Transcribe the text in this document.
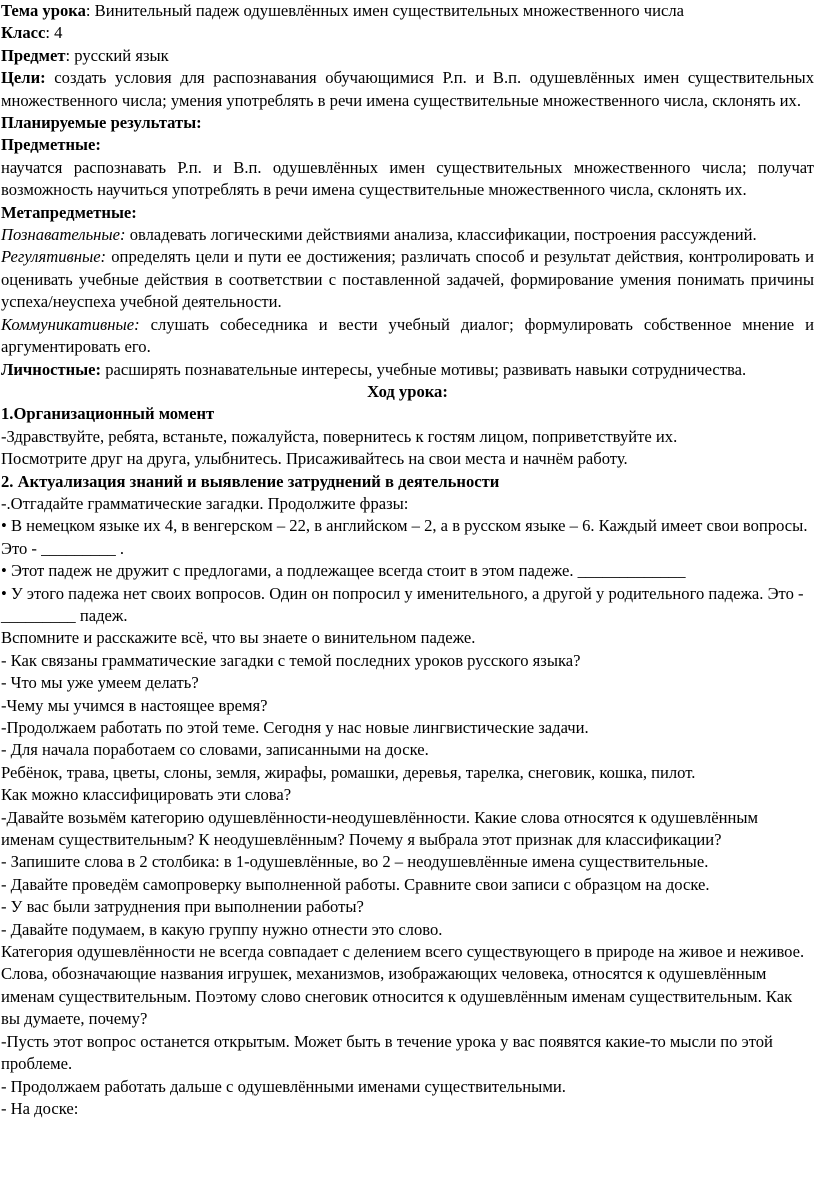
Тема урока: Винительный падеж одушевлённых имен существительных множественного числа

Класс: 4

Предмет: русский язык

Цели: создать условия для распознавания обучающимися Р.п. и В.п. одушевлённых имен существительных множественного числа; умения употреблять в речи имена существительные множественного числа, склонять их.

Планируемые результаты:

Предметные:

научатся распознавать Р.п. и В.п. одушевлённых имен существительных множественного числа; получат возможность научиться употреблять в речи имена существительные множественного числа, склонять их.

Метапредметные:

Познавательные: овладевать логическими действиями анализа, классификации, построения рассуждений.

Регулятивные: определять цели и пути ее достижения; различать способ и результат действия, контролировать и оценивать учебные действия в соответствии с поставленной задачей, формирование умения понимать причины успеха/неуспеха учебной деятельности.

Коммуникативные: слушать собеседника и вести учебный диалог; формулировать собственное мнение и аргументировать его.

Личностные: расширять познавательные интересы, учебные мотивы; развивать навыки сотрудничества.

Ход урока:

1.Организационный момент

-Здравствуйте, ребята, встаньте, пожалуйста, повернитесь к гостям лицом, поприветствуйте их.

Посмотрите друг на друга, улыбнитесь. Присаживайтесь на свои места и начнём работу.

2. Актуализация знаний и выявление затруднений в деятельности

-.Отгадайте грамматические загадки. Продолжите фразы:

• В немецком языке их 4, в венгерском – 22, в английском – 2, а в русском языке – 6. Каждый имеет свои вопросы. Это - _________ .

• Этот падеж не дружит с предлогами, а подлежащее всегда стоит в этом падеже. _____________

• У этого падежа нет своих вопросов. Один он попросил у именительного, а другой у родительного падежа. Это - _________ падеж.

Вспомните и расскажите всё, что вы знаете о винительном падеже.

- Как связаны грамматические загадки с темой последних уроков русского языка?

- Что мы уже умеем делать?

-Чему мы учимся в настоящее время?

-Продолжаем работать по этой теме. Сегодня у нас новые лингвистические задачи.

- Для начала поработаем со словами, записанными на доске.

Ребёнок, трава, цветы, слоны, земля, жирафы, ромашки, деревья, тарелка, снеговик, кошка, пилот.

Как можно классифицировать эти слова?

-Давайте возьмём категорию одушевлённости-неодушевлённости. Какие слова относятся к одушевлённым именам существительным? К неодушевлённым? Почему я выбрала этот признак для классификации?

- Запишите слова в 2 столбика: в 1-одушевлённые, во 2 – неодушевлённые имена существительные.

- Давайте проведём самопроверку выполненной работы. Сравните свои записи с образцом на доске.

- У вас были затруднения при выполнении работы?

- Давайте подумаем, в какую группу нужно отнести это слово.

Категория одушевлённости не всегда совпадает с делением всего существующего в природе на живое и неживое. Слова, обозначающие названия игрушек, механизмов, изображающих человека, относятся к одушевлённым именам существительным. Поэтому слово снеговик относится к одушевлённым именам существительным. Как вы думаете, почему?

-Пусть этот вопрос останется открытым. Может быть в течение урока у вас появятся какие-то мысли по этой проблеме.

- Продолжаем работать дальше с одушевлёнными именами существительными.

- На доске:
